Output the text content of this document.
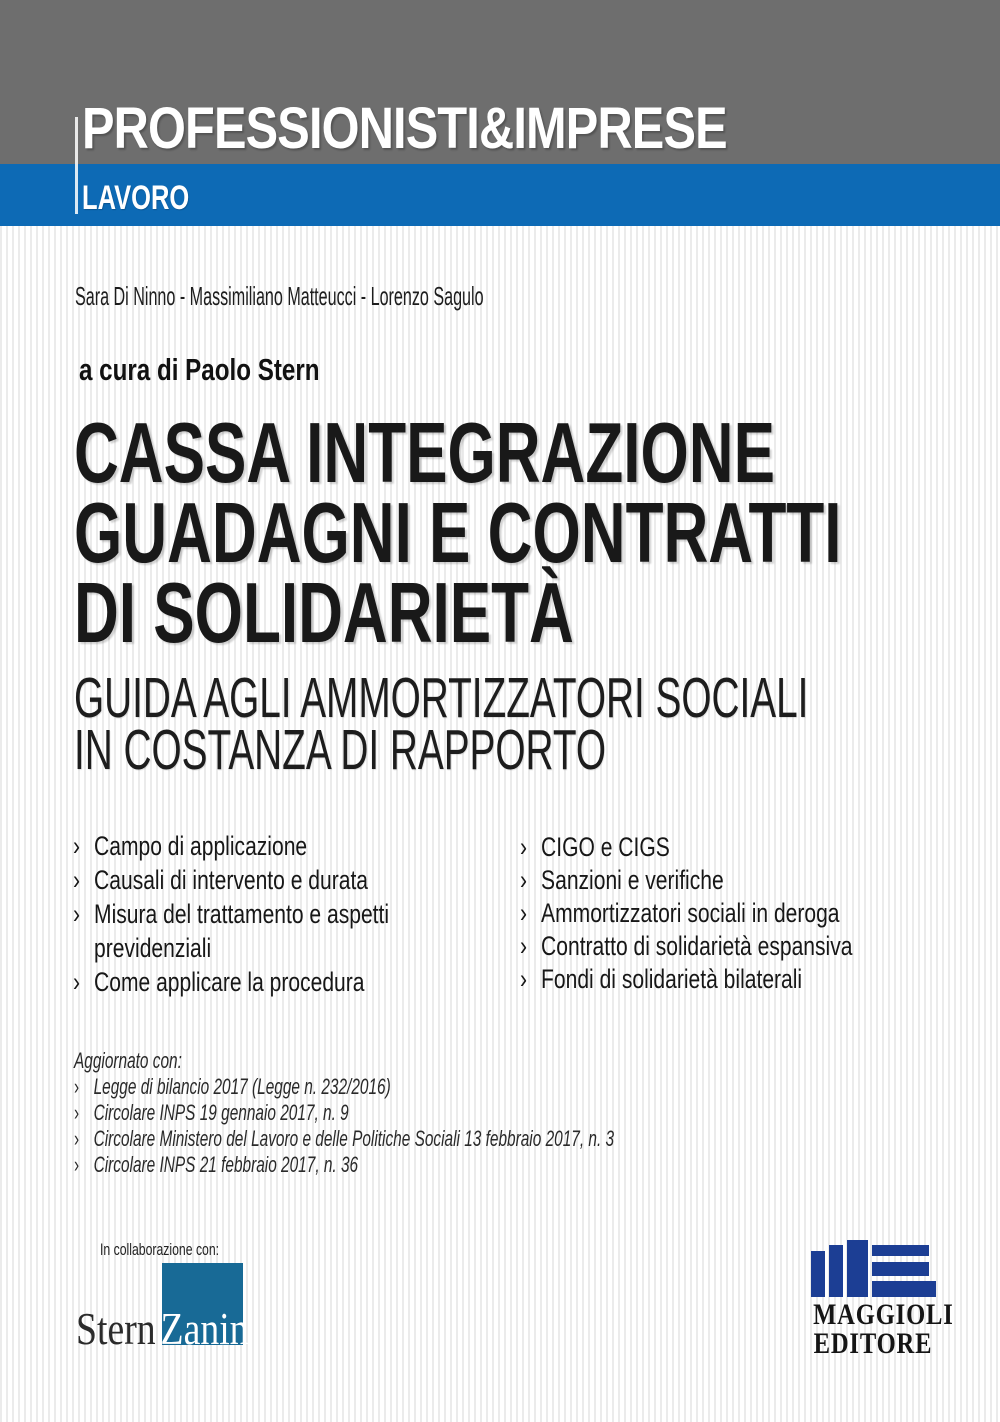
PROFESSIONISTI&IMPRESE
LAVORO
Sara Di Ninno - Massimiliano Matteucci - Lorenzo Sagulo
a cura di Paolo Stern
CASSA INTEGRAZIONE
GUADAGNI E CONTRATTI
DI SOLIDARIETÀ
GUIDA AGLI AMMORTIZZATORI SOCIALI
IN COSTANZA DI RAPPORTO
› Campo di applicazione
› Causali di intervento e durata
› Misura del trattamento e aspetti previdenziali
› Come applicare la procedura
› CIGO e CIGS
› Sanzioni e verifiche
› Ammortizzatori sociali in deroga
› Contratto di solidarietà espansiva
› Fondi di solidarietà bilaterali
Aggiornato con:
› Legge di bilancio 2017 (Legge n. 232/2016)
› Circolare INPS 19 gennaio 2017, n. 9
› Circolare Ministero del Lavoro e delle Politiche Sociali 13 febbraio 2017, n. 3
› Circolare INPS 21 febbraio 2017, n. 36
In collaborazione con:
Stern Zanin	MAGGIOLI
EDITORE
